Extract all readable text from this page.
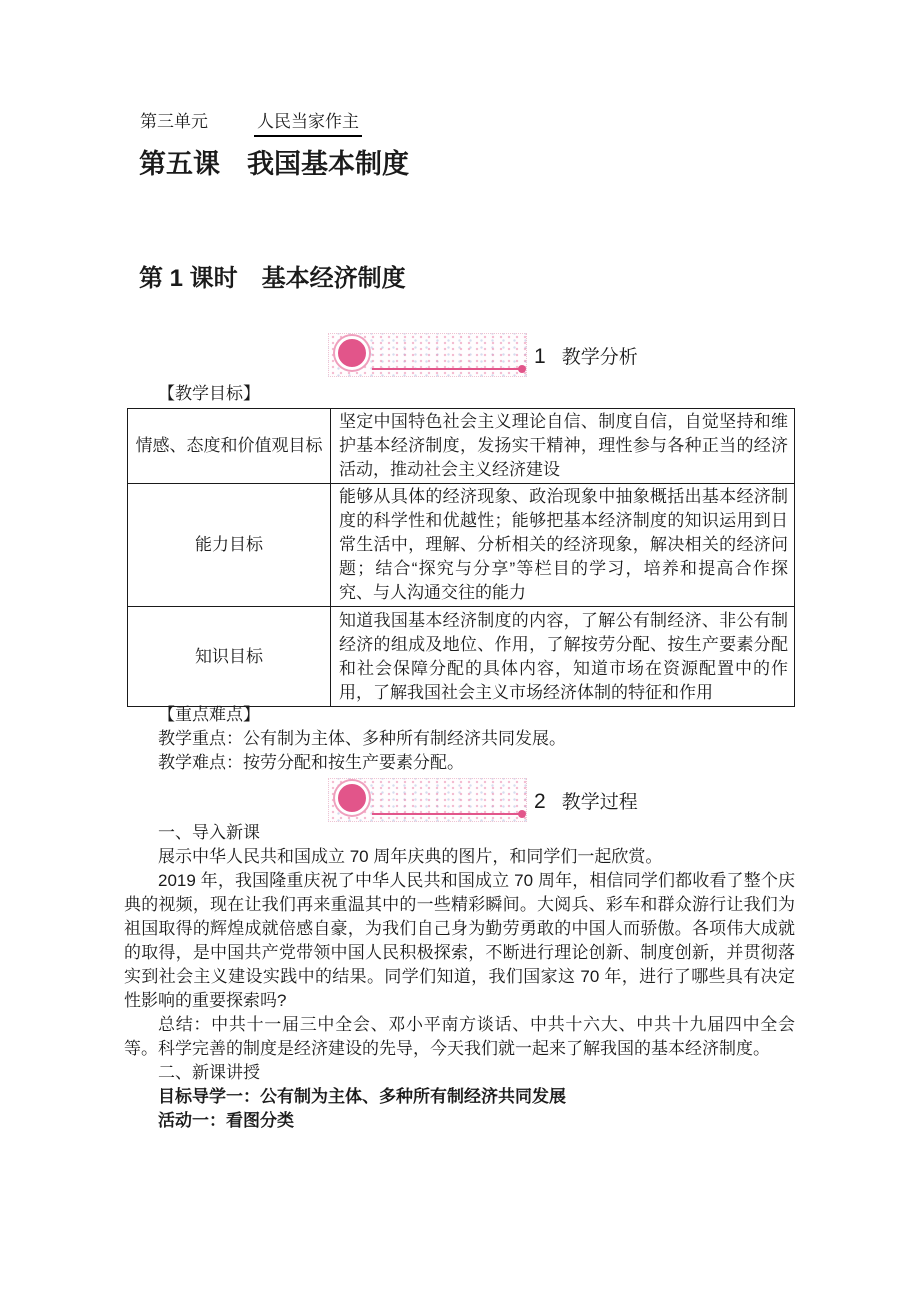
第三单元	人民当家作主
第五课　我国基本制度
第 1 课时　基本经济制度
1 教学分析
【教学目标】
情感、态度和价值观目标	坚定中国特色社会主义理论自信、制度自信，自觉坚持和维护基本经济制度，发扬实干精神，理性参与各种正当的经济活动，推动社会主义经济建设
能力目标	能够从具体的经济现象、政治现象中抽象概括出基本经济制度的科学性和优越性；能够把基本经济制度的知识运用到日常生活中，理解、分析相关的经济现象，解决相关的经济问题；结合“探究与分享”等栏目的学习，培养和提高合作探究、与人沟通交往的能力
知识目标	知道我国基本经济制度的内容，了解公有制经济、非公有制经济的组成及地位、作用，了解按劳分配、按生产要素分配和社会保障分配的具体内容，知道市场在资源配置中的作用，了解我国社会主义市场经济体制的特征和作用

【重点难点】

教学重点：公有制为主体、多种所有制经济共同发展。

教学难点：按劳分配和按生产要素分配。

2 教学过程

一、导入新课

展示中华人民共和国成立 70 周年庆典的图片，和同学们一起欣赏。

2019 年，我国隆重庆祝了中华人民共和国成立 70 周年，相信同学们都收看了整个庆典的视频，现在让我们再来重温其中的一些精彩瞬间。大阅兵、彩车和群众游行让我们为祖国取得的辉煌成就倍感自豪，为我们自己身为勤劳勇敢的中国人而骄傲。各项伟大成就的取得，是中国共产党带领中国人民积极探索，不断进行理论创新、制度创新，并贯彻落实到社会主义建设实践中的结果。同学们知道，我们国家这 70 年，进行了哪些具有决定性影响的重要探索吗?

总结：中共十一届三中全会、邓小平南方谈话、中共十六大、中共十九届四中全会等。科学完善的制度是经济建设的先导，今天我们就一起来了解我国的基本经济制度。

二、新课讲授

目标导学一：公有制为主体、多种所有制经济共同发展

活动一：看图分类
